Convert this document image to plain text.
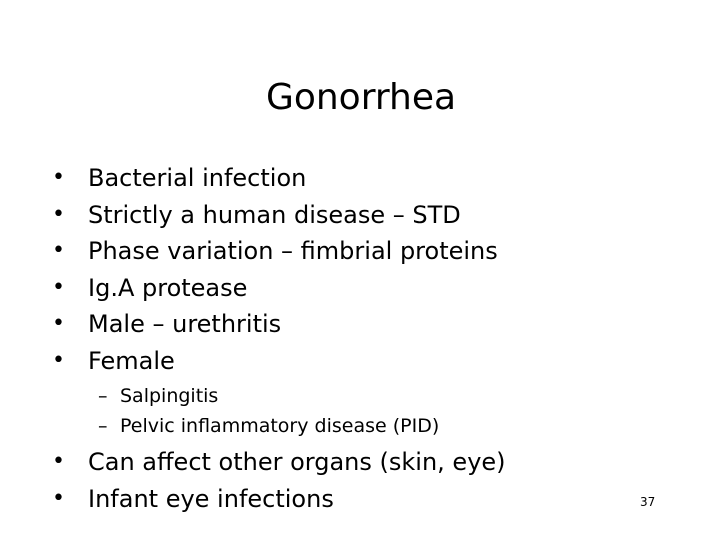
Gonorrhea
• Bacterial infection
• Strictly a human disease – STD
• Phase variation – fimbrial proteins
• Ig.A protease
• Male – urethritis
• Female
– Salpingitis
– Pelvic inflammatory disease (PID)
• Can affect other organs (skin, eye)
• Infant eye infections	37
